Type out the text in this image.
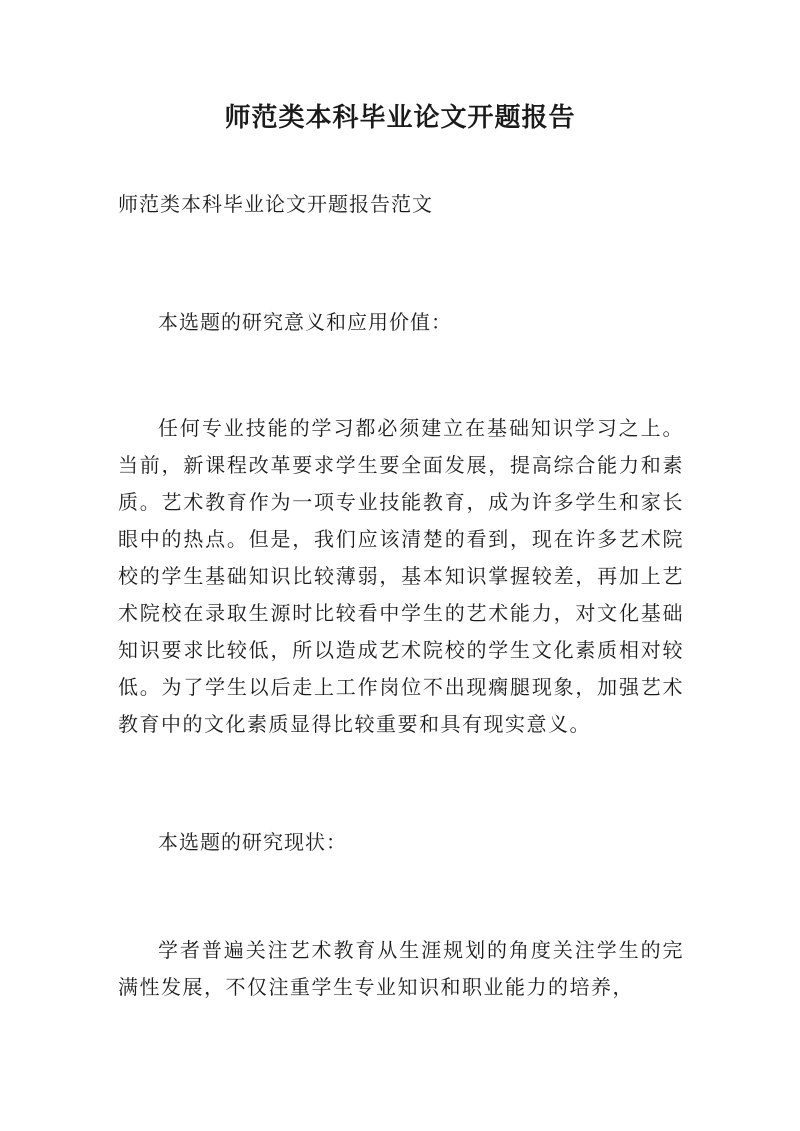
师范类本科毕业论文开题报告

师范类本科毕业论文开题报告范文

本选题的研究意义和应用价值：

任何专业技能的学习都必须建立在基础知识学习之上。当前，新课程改革要求学生要全面发展，提高综合能力和素质。艺术教育作为一项专业技能教育，成为许多学生和家长眼中的热点。但是，我们应该清楚的看到，现在许多艺术院校的学生基础知识比较薄弱，基本知识掌握较差，再加上艺术院校在录取生源时比较看中学生的艺术能力，对文化基础知识要求比较低，所以造成艺术院校的学生文化素质相对较低。为了学生以后走上工作岗位不出现瘸腿现象，加强艺术教育中的文化素质显得比较重要和具有现实意义。

本选题的研究现状：

学者普遍关注艺术教育从生涯规划的角度关注学生的完满性发展，不仅注重学生专业知识和职业能力的培养，
